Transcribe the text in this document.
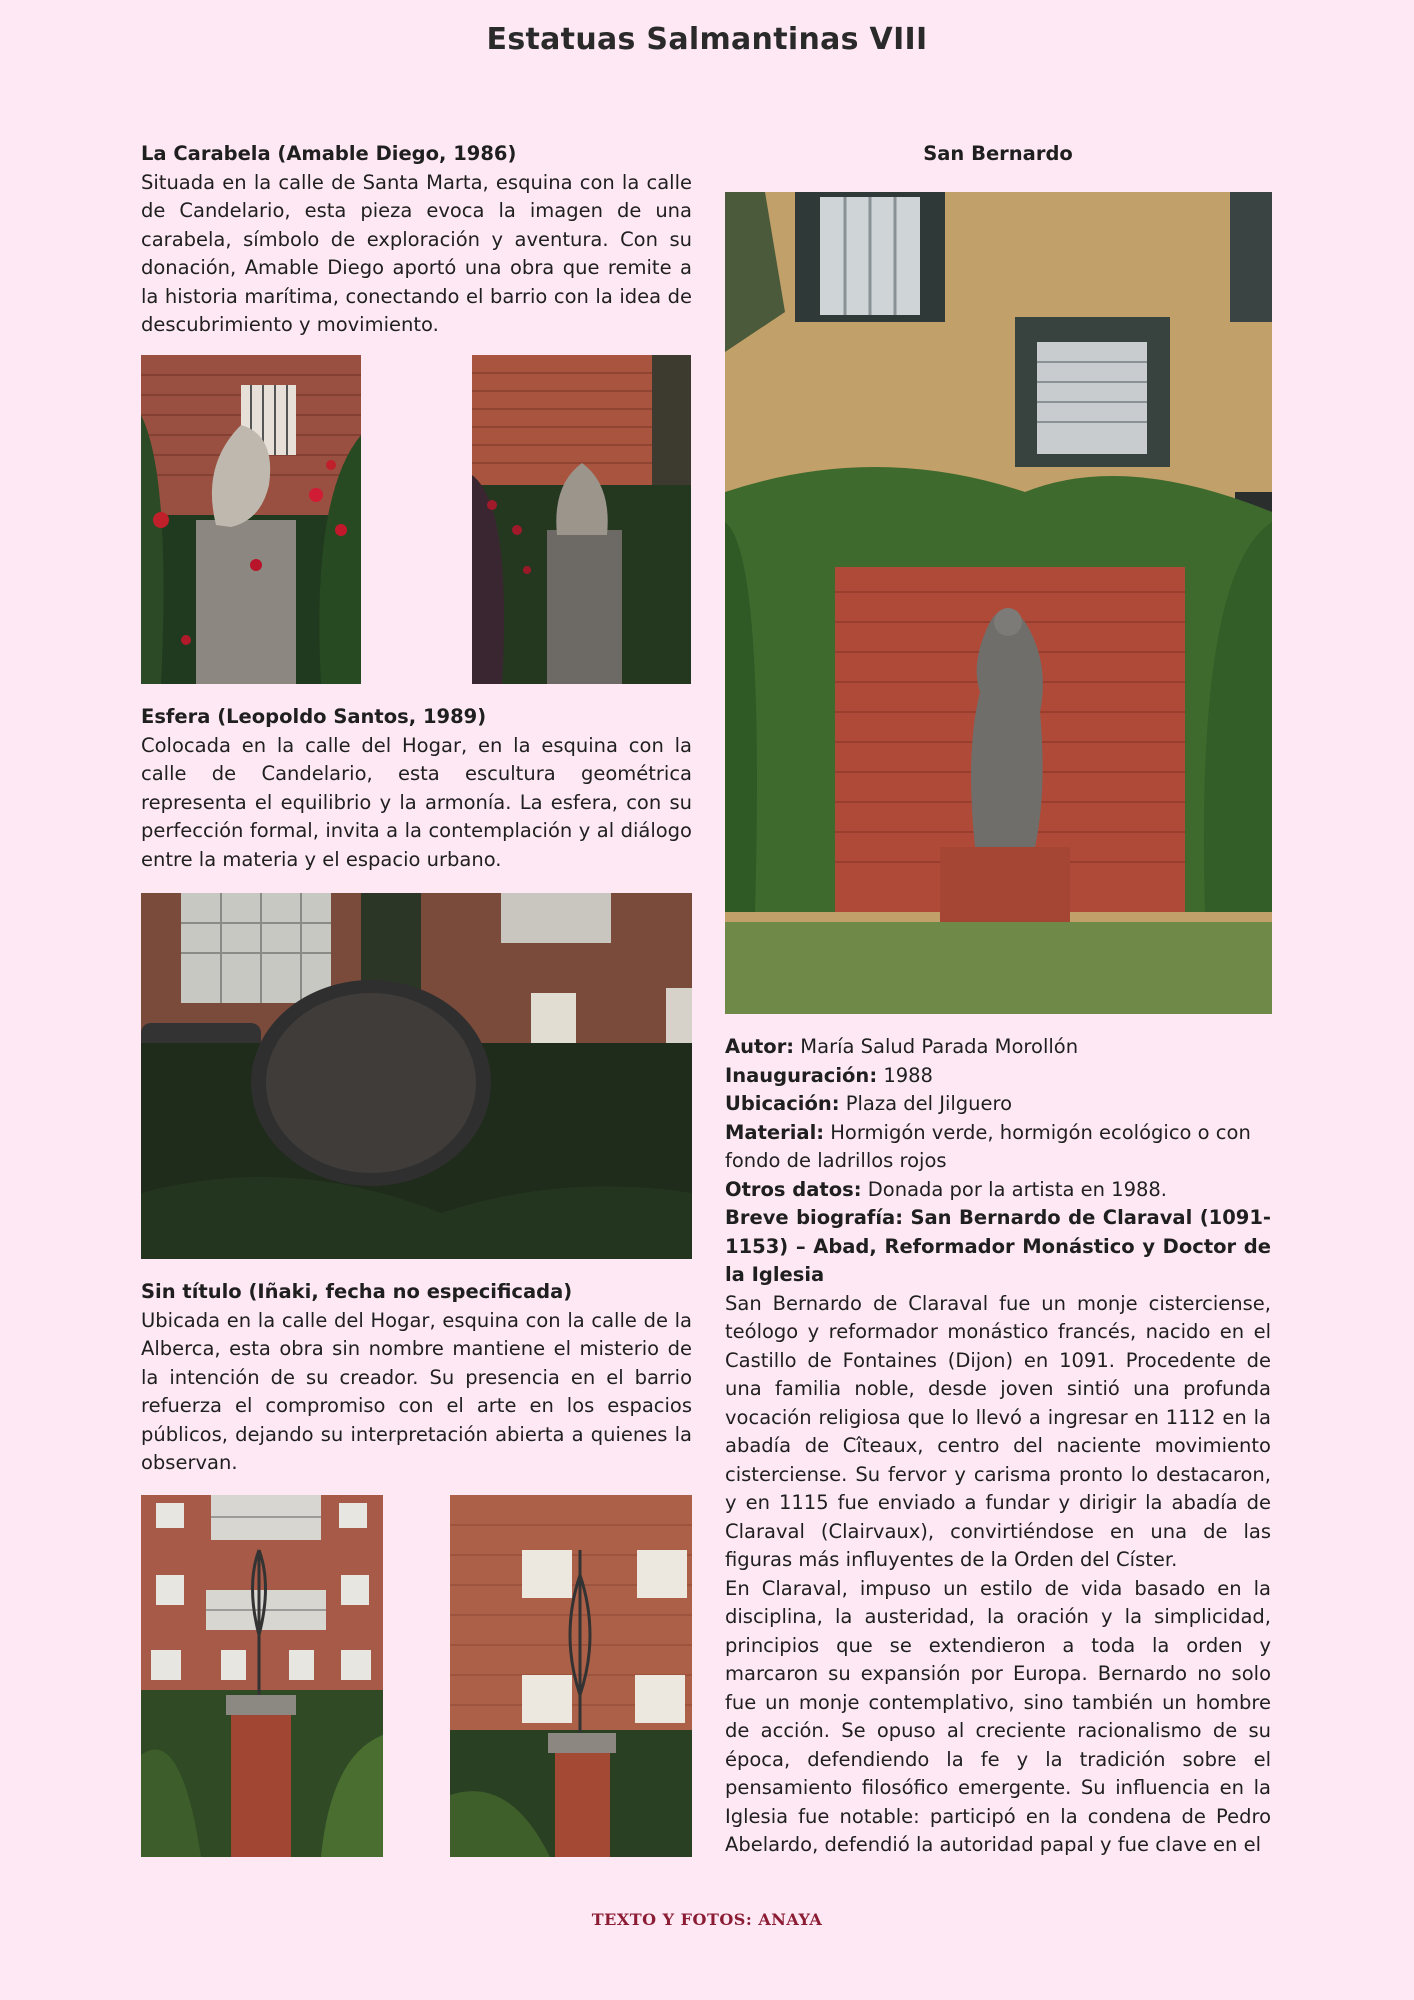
Estatuas Salmantinas VIII
La Carabela (Amable Diego, 1986)
Situada en la calle de Santa Marta, esquina con la calle de Candelario, esta pieza evoca la imagen de una carabela, símbolo de exploración y aventura. Con su donación, Amable Diego aportó una obra que remite a la historia marítima, conectando el barrio con la idea de descubrimiento y movimiento.
Esfera (Leopoldo Santos, 1989)
Colocada en la calle del Hogar, en la esquina con la calle de Candelario, esta escultura geométrica representa el equilibrio y la armonía. La esfera, con su perfección formal, invita a la contemplación y al diálogo entre la materia y el espacio urbano.
Sin título (Iñaki, fecha no especificada)
Ubicada en la calle del Hogar, esquina con la calle de la Alberca, esta obra sin nombre mantiene el misterio de la intención de su creador. Su presencia en el barrio refuerza el compromiso con el arte en los espacios públicos, dejando su interpretación abierta a quienes la observan.
San Bernardo
Autor: María Salud Parada Morollón
Inauguración: 1988
Ubicación: Plaza del Jilguero
Material: Hormigón verde, hormigón ecológico o con fondo de ladrillos rojos
Otros datos: Donada por la artista en 1988.
Breve biografía: San Bernardo de Claraval (1091-1153) – Abad, Reformador Monástico y Doctor de la Iglesia
San Bernardo de Claraval fue un monje cisterciense, teólogo y reformador monástico francés, nacido en el Castillo de Fontaines (Dijon) en 1091. Procedente de una familia noble, desde joven sintió una profunda vocación religiosa que lo llevó a ingresar en 1112 en la abadía de Cîteaux, centro del naciente movimiento cisterciense. Su fervor y carisma pronto lo destacaron, y en 1115 fue enviado a fundar y dirigir la abadía de Claraval (Clairvaux), convirtiéndose en una de las figuras más influyentes de la Orden del Císter.
En Claraval, impuso un estilo de vida basado en la disciplina, la austeridad, la oración y la simplicidad, principios que se extendieron a toda la orden y marcaron su expansión por Europa. Bernardo no solo fue un monje contemplativo, sino también un hombre de acción. Se opuso al creciente racionalismo de su época, defendiendo la fe y la tradición sobre el pensamiento filosófico emergente. Su influencia en la Iglesia fue notable: participó en la condena de Pedro Abelardo, defendió la autoridad papal y fue clave en el
TEXTO Y FOTOS: ANAYA
